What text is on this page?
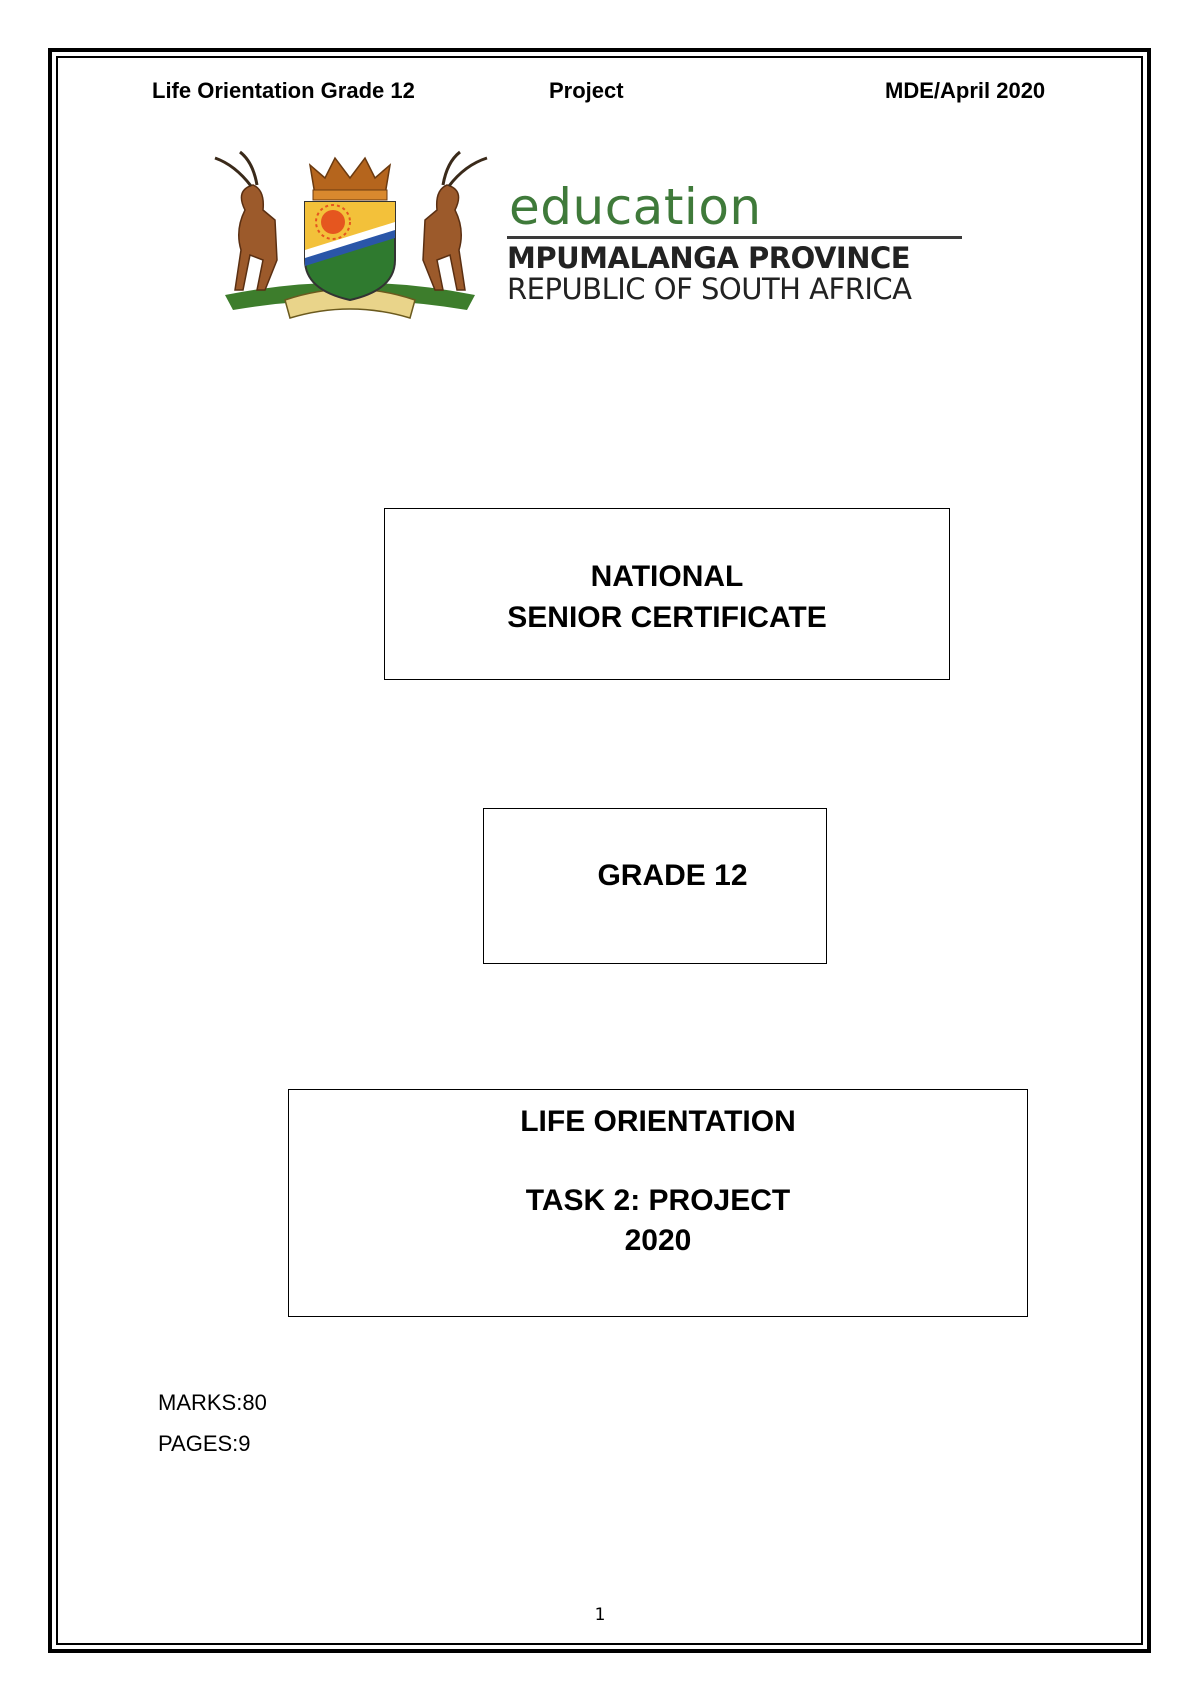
Life Orientation Grade 12	Project	MDE/April 2020
education
MPUMALANGA PROVINCE
REPUBLIC OF SOUTH AFRICA
NATIONAL
SENIOR CERTIFICATE
GRADE 12
LIFE ORIENTATION
TASK 2: PROJECT
2020
MARKS:80
PAGES:9
1
